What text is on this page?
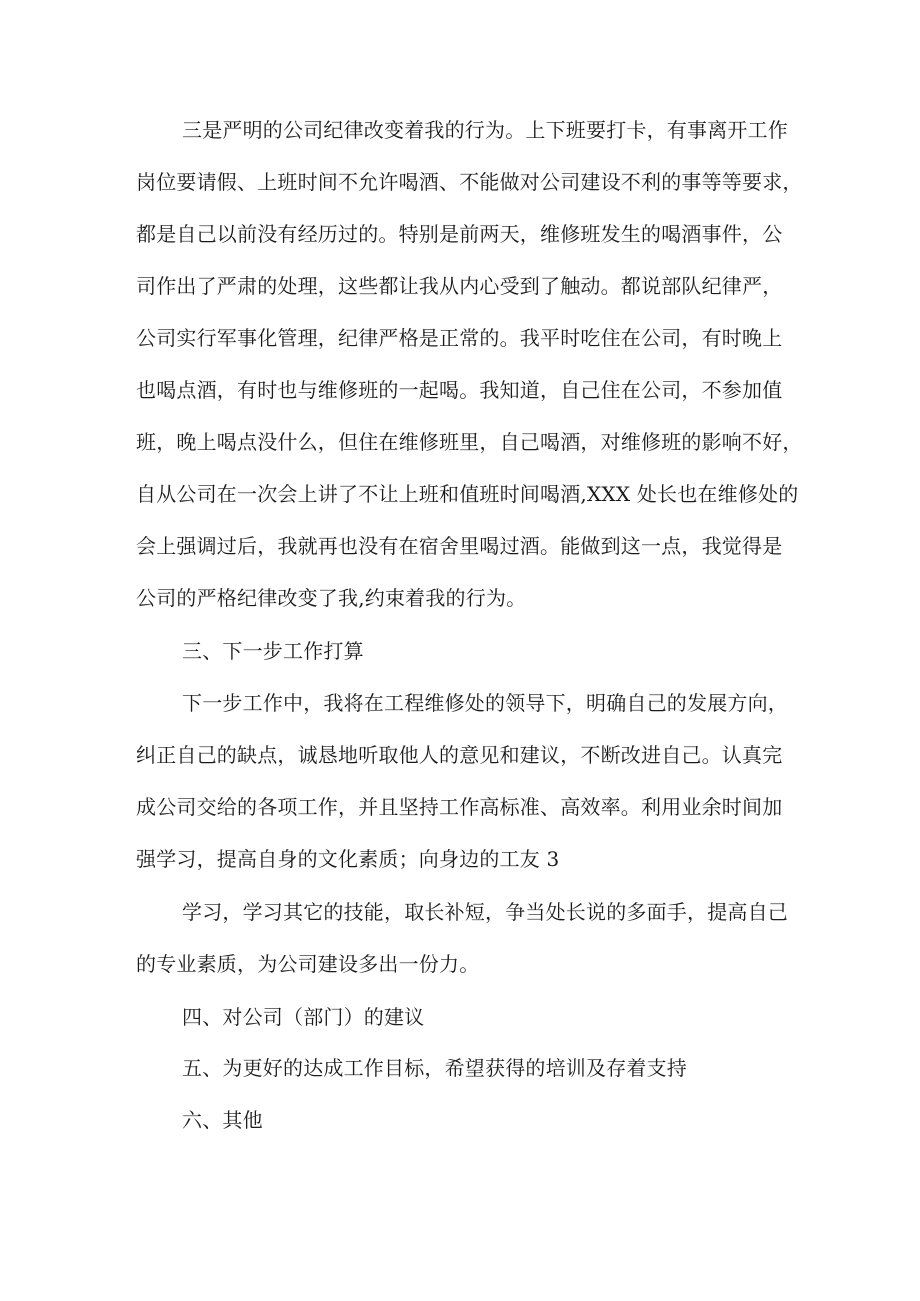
三是严明的公司纪律改变着我的行为。上下班要打卡，有事离开工作
岗位要请假、上班时间不允许喝酒、不能做对公司建设不利的事等等要求，
都是自己以前没有经历过的。特别是前两天，维修班发生的喝酒事件，公
司作出了严肃的处理，这些都让我从内心受到了触动。都说部队纪律严，
公司实行军事化管理，纪律严格是正常的。我平时吃住在公司，有时晚上
也喝点酒，有时也与维修班的一起喝。我知道，自己住在公司，不参加值
班，晚上喝点没什么，但住在维修班里，自己喝酒，对维修班的影响不好，
自从公司在一次会上讲了不让上班和值班时间喝酒,XXX 处长也在维修处的
会上强调过后，我就再也没有在宿舍里喝过酒。能做到这一点，我觉得是
公司的严格纪律改变了我,约束着我的行为。
三、下一步工作打算
下一步工作中，我将在工程维修处的领导下，明确自己的发展方向，
纠正自己的缺点，诚恳地听取他人的意见和建议，不断改进自己。认真完
成公司交给的各项工作，并且坚持工作高标准、高效率。利用业余时间加
强学习，提高自身的文化素质；向身边的工友 3
学习，学习其它的技能，取长补短，争当处长说的多面手，提高自己
的专业素质，为公司建设多出一份力。
四、对公司（部门）的建议
五、为更好的达成工作目标，希望获得的培训及存着支持
六、其他
